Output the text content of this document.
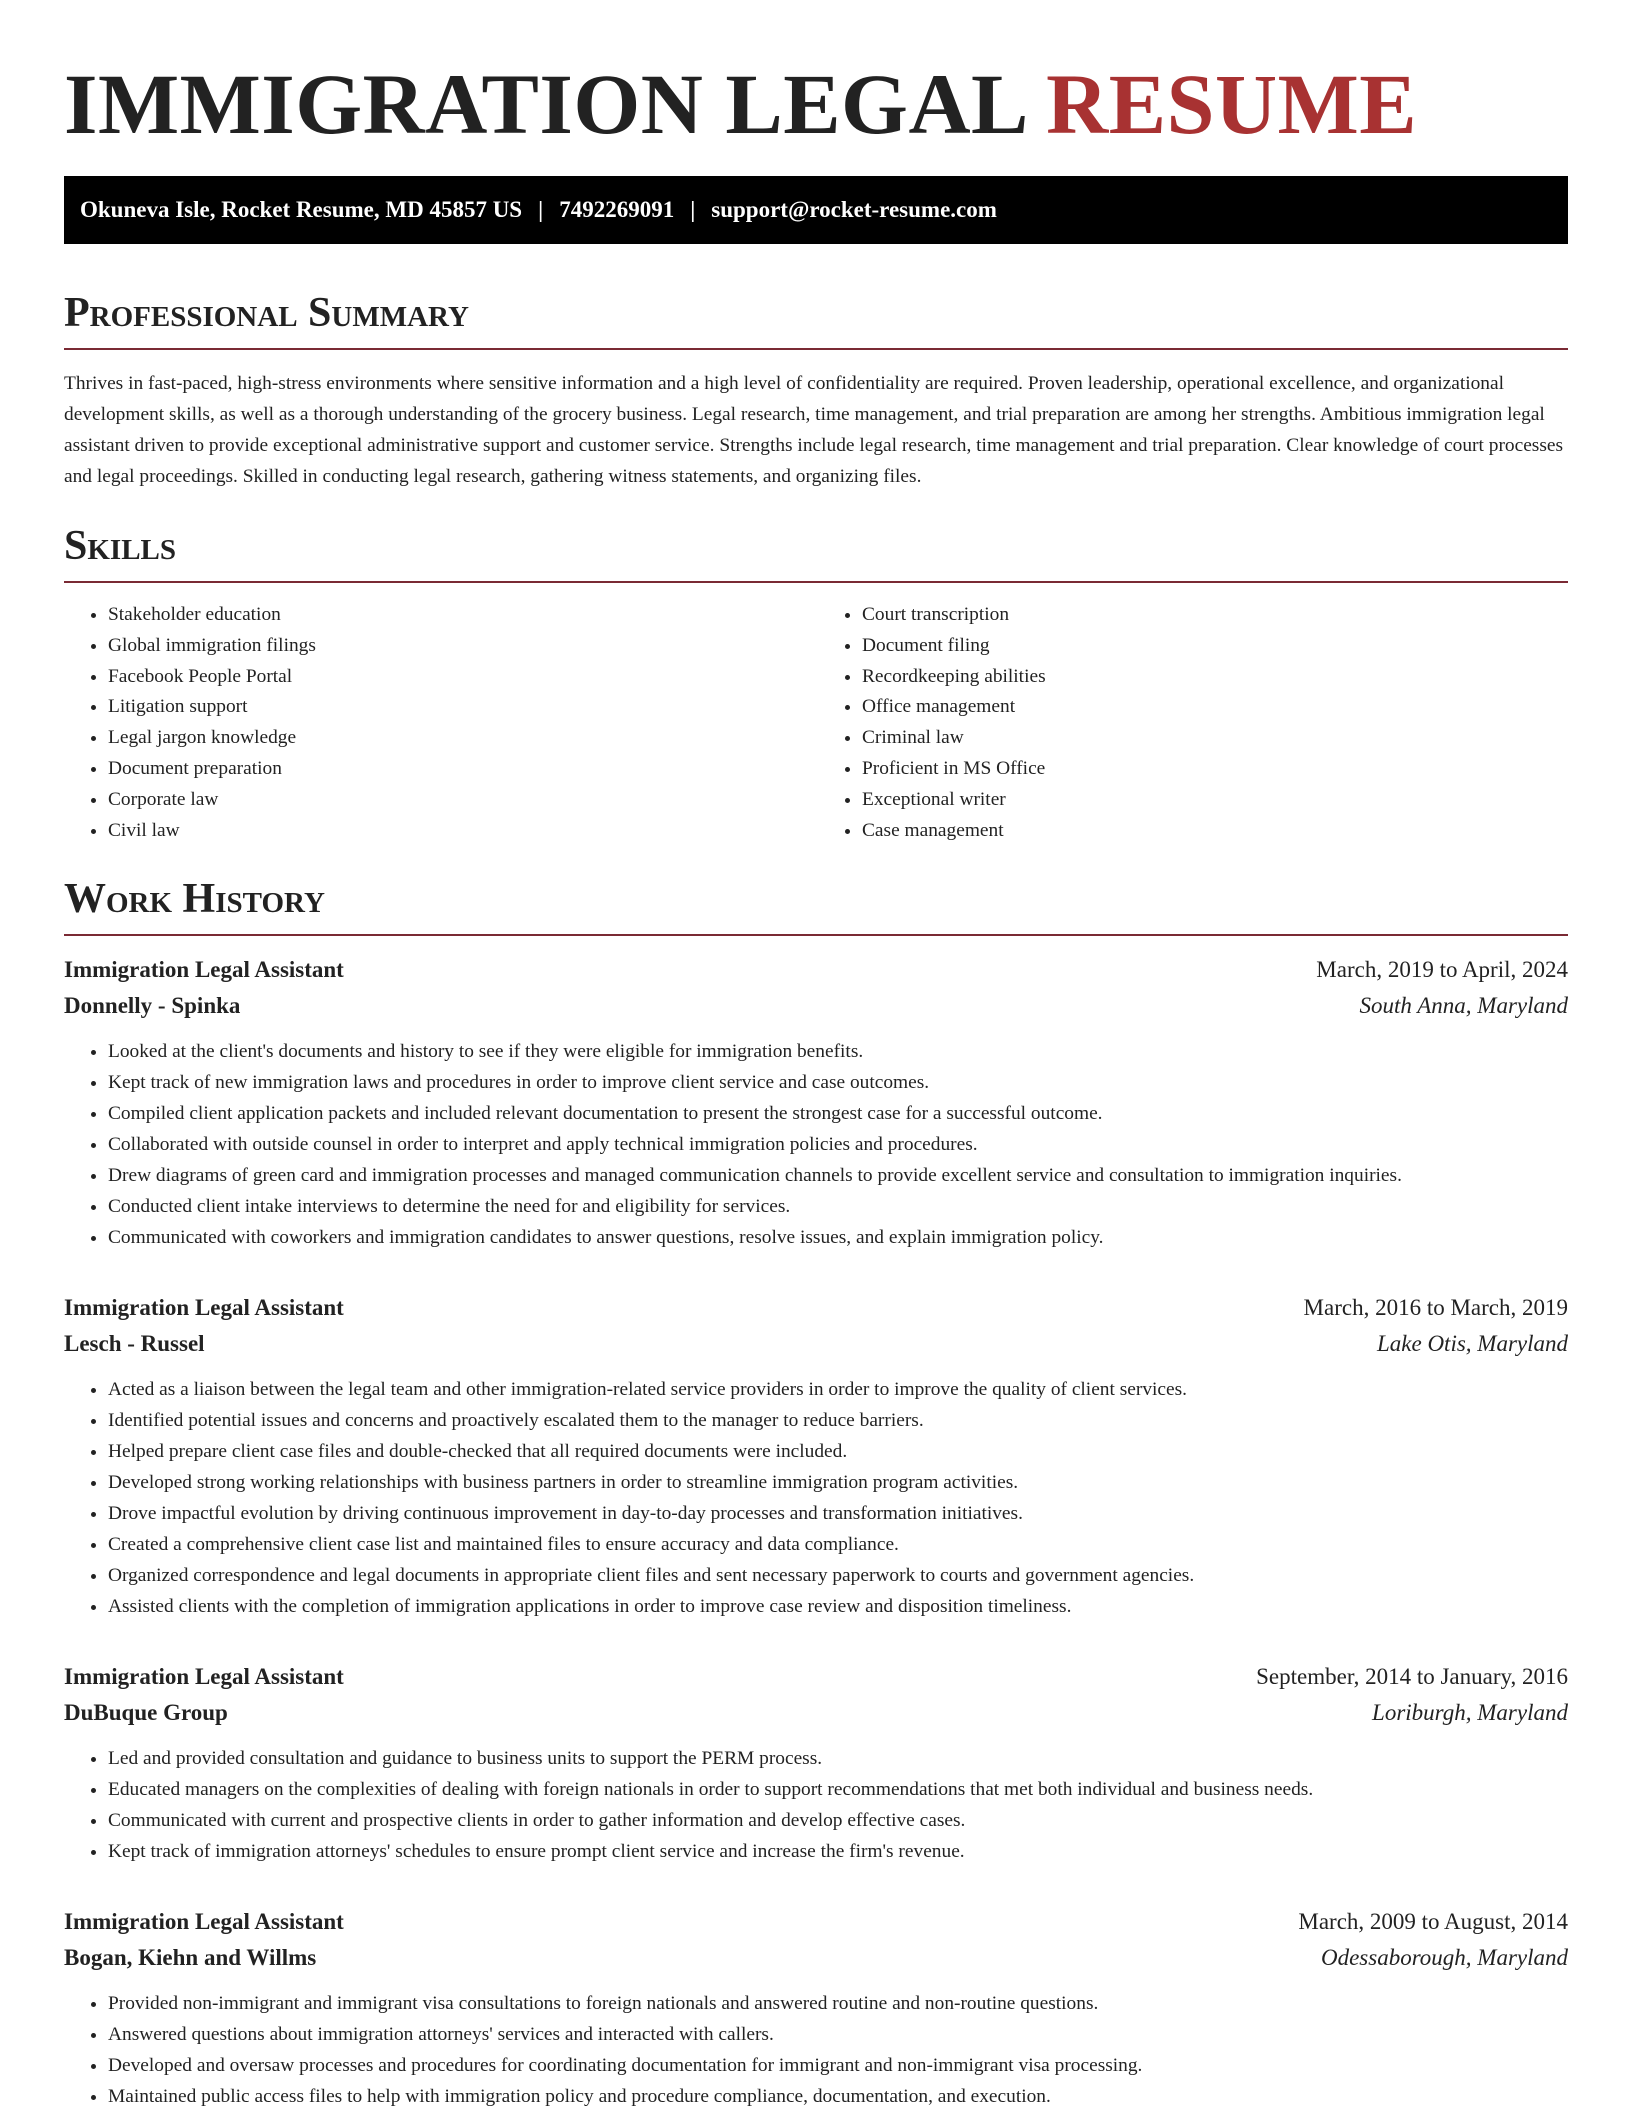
IMMIGRATION LEGAL RESUME
Okuneva Isle, Rocket Resume, MD 45857 US | 7492269091 | support@rocket-resume.com
Professional Summary

Thrives in fast-paced, high-stress environments where sensitive information and a high level of confidentiality are required. Proven leadership, operational excellence, and organizational development skills, as well as a thorough understanding of the grocery business. Legal research, time management, and trial preparation are among her strengths. Ambitious immigration legal assistant driven to provide exceptional administrative support and customer service. Strengths include legal research, time management and trial preparation. Clear knowledge of court processes and legal proceedings. Skilled in conducting legal research, gathering witness statements, and organizing files.

Skills
• Stakeholder education
• Global immigration filings
• Facebook People Portal
• Litigation support
• Legal jargon knowledge
• Document preparation
• Corporate law
• Civil law
• Court transcription
• Document filing
• Recordkeeping abilities
• Office management
• Criminal law
• Proficient in MS Office
• Exceptional writer
• Case management
Work History
Immigration Legal Assistant	March, 2019 to April, 2024
Donnelly - Spinka	South Anna, Maryland
• Looked at the client's documents and history to see if they were eligible for immigration benefits.
• Kept track of new immigration laws and procedures in order to improve client service and case outcomes.
• Compiled client application packets and included relevant documentation to present the strongest case for a successful outcome.
• Collaborated with outside counsel in order to interpret and apply technical immigration policies and procedures.
• Drew diagrams of green card and immigration processes and managed communication channels to provide excellent service and consultation to immigration inquiries.
• Conducted client intake interviews to determine the need for and eligibility for services.
• Communicated with coworkers and immigration candidates to answer questions, resolve issues, and explain immigration policy.
Immigration Legal Assistant	March, 2016 to March, 2019
Lesch - Russel	Lake Otis, Maryland
• Acted as a liaison between the legal team and other immigration-related service providers in order to improve the quality of client services.
• Identified potential issues and concerns and proactively escalated them to the manager to reduce barriers.
• Helped prepare client case files and double-checked that all required documents were included.
• Developed strong working relationships with business partners in order to streamline immigration program activities.
• Drove impactful evolution by driving continuous improvement in day-to-day processes and transformation initiatives.
• Created a comprehensive client case list and maintained files to ensure accuracy and data compliance.
• Organized correspondence and legal documents in appropriate client files and sent necessary paperwork to courts and government agencies.
• Assisted clients with the completion of immigration applications in order to improve case review and disposition timeliness.
Immigration Legal Assistant	September, 2014 to January, 2016
DuBuque Group	Loriburgh, Maryland
• Led and provided consultation and guidance to business units to support the PERM process.
• Educated managers on the complexities of dealing with foreign nationals in order to support recommendations that met both individual and business needs.
• Communicated with current and prospective clients in order to gather information and develop effective cases.
• Kept track of immigration attorneys' schedules to ensure prompt client service and increase the firm's revenue.
Immigration Legal Assistant	March, 2009 to August, 2014
Bogan, Kiehn and Willms	Odessaborough, Maryland
• Provided non-immigrant and immigrant visa consultations to foreign nationals and answered routine and non-routine questions.
• Answered questions about immigration attorneys' services and interacted with callers.
• Developed and oversaw processes and procedures for coordinating documentation for immigrant and non-immigrant visa processing.
• Maintained public access files to help with immigration policy and procedure compliance, documentation, and execution.
